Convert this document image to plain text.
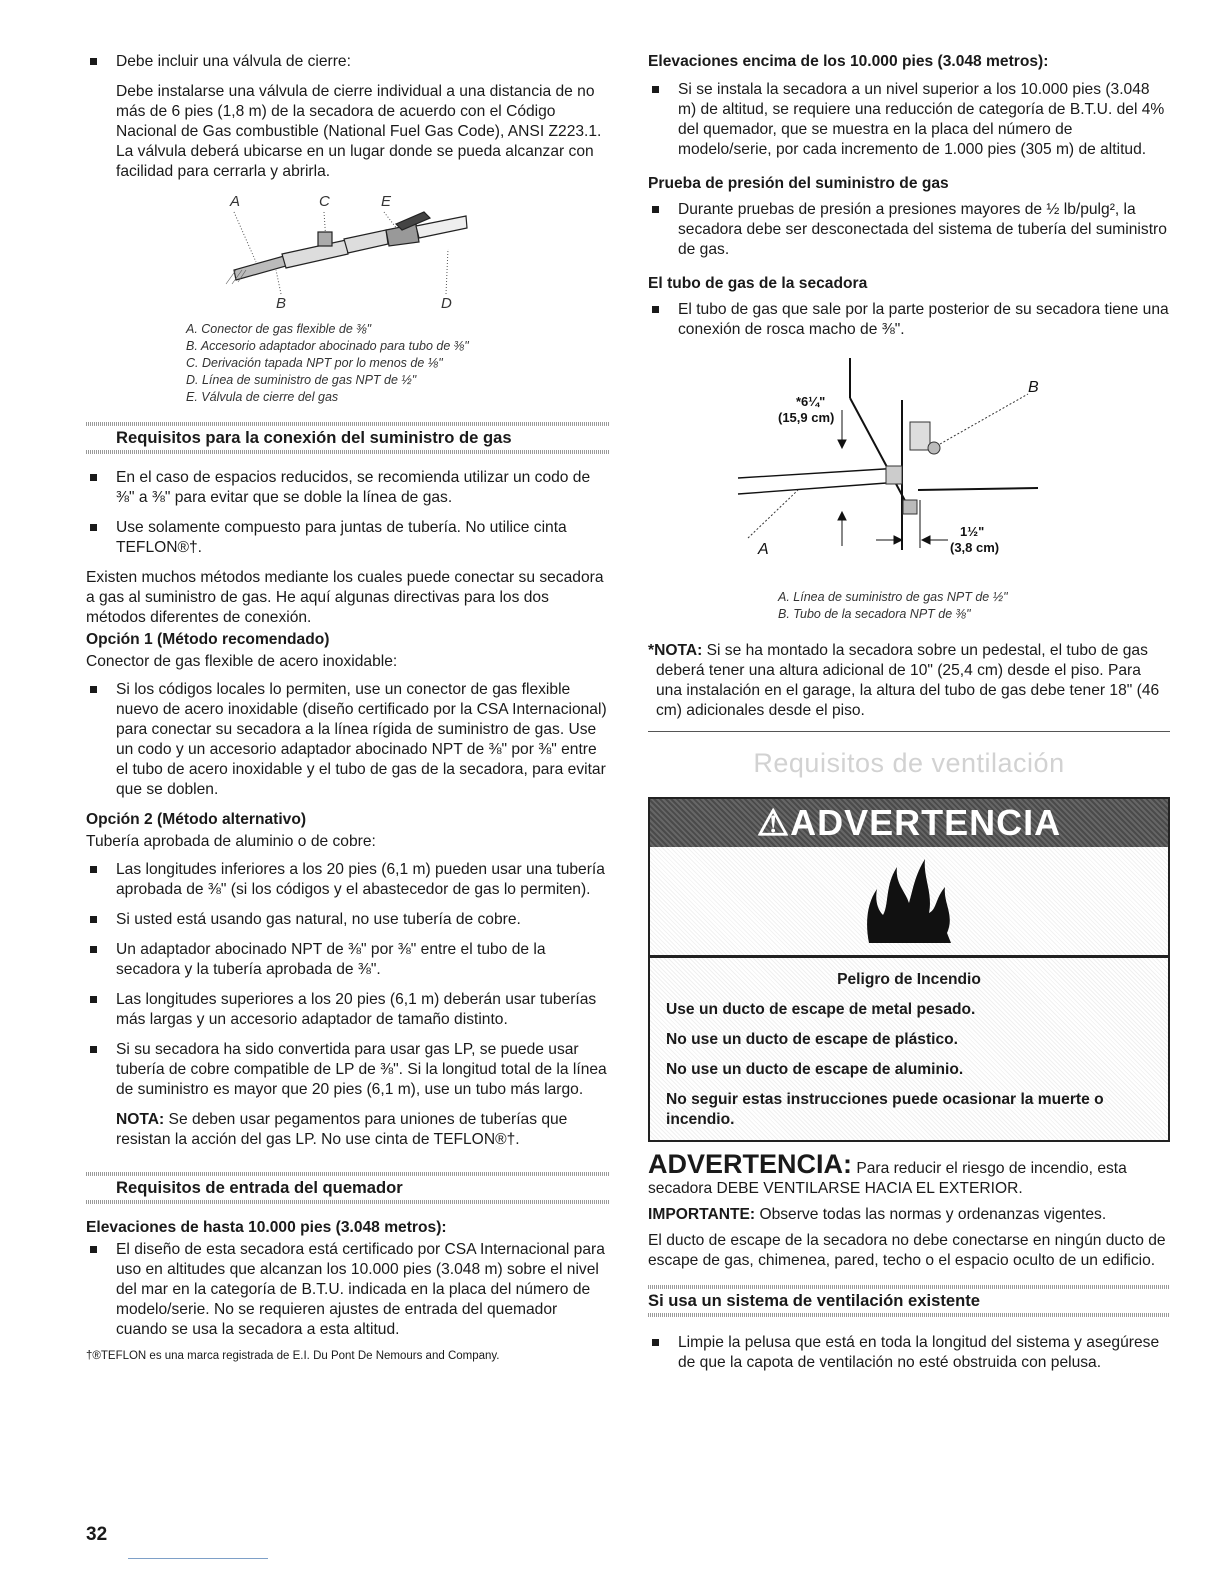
Debe incluir una válvula de cierre:

Debe instalarse una válvula de cierre individual a una distancia de no más de 6 pies (1,8 m) de la secadora de acuerdo con el Código Nacional de Gas combustible (National Fuel Gas Code), ANSI Z223.1. La válvula deberá ubicarse en un lugar donde se pueda alcanzar con facilidad para cerrarla y abrirla.

A	C	E
B	D
A. Conector de gas flexible de ⅜"
B. Accesorio adaptador abocinado para tubo de ⅜"
C. Derivación tapada NPT por lo menos de ⅛"
D. Línea de suministro de gas NPT de ½"
E. Válvula de cierre del gas
Requisitos para la conexión del suministro de gas
En el caso de espacios reducidos, se recomienda utilizar un codo de ⅜" a ⅜" para evitar que se doble la línea de gas.
Use solamente compuesto para juntas de tubería. No utilice cinta TEFLON®†.

Existen muchos métodos mediante los cuales puede conectar su secadora a gas al suministro de gas. He aquí algunas directivas para los dos métodos diferentes de conexión.

Opción 1 (Método recomendado)

Conector de gas flexible de acero inoxidable:

Si los códigos locales lo permiten, use un conector de gas flexible nuevo de acero inoxidable (diseño certificado por la CSA Internacional) para conectar su secadora a la línea rígida de suministro de gas. Use un codo y un accesorio adaptador abocinado NPT de ⅜" por ⅜" entre el tubo de acero inoxidable y el tubo de gas de la secadora, para evitar que se doblen.
Opción 2 (Método alternativo)

Tubería aprobada de aluminio o de cobre:

Las longitudes inferiores a los 20 pies (6,1 m) pueden usar una tubería aprobada de ⅜" (si los códigos y el abastecedor de gas lo permiten).
Si usted está usando gas natural, no use tubería de cobre.
Un adaptador abocinado NPT de ⅜" por ⅜" entre el tubo de la secadora y la tubería aprobada de ⅜".
Las longitudes superiores a los 20 pies (6,1 m) deberán usar tuberías más largas y un accesorio adaptador de tamaño distinto.
Si su secadora ha sido convertida para usar gas LP, se puede usar tubería de cobre compatible de LP de ⅜". Si la longitud total de la línea de suministro es mayor que 20 pies (6,1 m), use un tubo más largo.

NOTA: Se deben usar pegamentos para uniones de tuberías que resistan la acción del gas LP. No use cinta de TEFLON®†.

Requisitos de entrada del quemador
Elevaciones de hasta 10.000 pies (3.048 metros):
El diseño de esta secadora está certificado por CSA Internacional para uso en altitudes que alcanzan los 10.000 pies (3.048 m) sobre el nivel del mar en la categoría de B.T.U. indicada en la placa del número de modelo/serie. No se requieren ajustes de entrada del quemador cuando se usa la secadora a esta altitud.
†®TEFLON es una marca registrada de E.I. Du Pont De Nemours and Company.
Elevaciones encima de los 10.000 pies (3.048 metros):
Si se instala la secadora a un nivel superior a los 10.000 pies (3.048 m) de altitud, se requiere una reducción de categoría de B.T.U. del 4% del quemador, que se muestra en la placa del número de modelo/serie, por cada incremento de 1.000 pies (305 m) de altitud.
Prueba de presión del suministro de gas
Durante pruebas de presión a presiones mayores de ½ lb/pulg², la secadora debe ser desconectada del sistema de tubería del suministro de gas.
El tubo de gas de la secadora
El tubo de gas que sale por la parte posterior de su secadora tiene una conexión de rosca macho de ⅜".
*6¼"
(15,9 cm)
1½"
(3,8 cm)
A
B
A. Línea de suministro de gas NPT de ½"
B. Tubo de la secadora NPT de ⅜"

*NOTA: Si se ha montado la secadora sobre un pedestal, el tubo de gas deberá tener una altura adicional de 10" (25,4 cm) desde el piso. Para una instalación en el garage, la altura del tubo de gas debe tener 18" (46 cm) adicionales desde el piso.

Requisitos de ventilación
⚠ADVERTENCIA
Peligro de Incendio
Use un ducto de escape de metal pesado.
No use un ducto de escape de plástico.
No use un ducto de escape de aluminio.
No seguir estas instrucciones puede ocasionar la muerte o incendio.

ADVERTENCIA: Para reducir el riesgo de incendio, esta secadora DEBE VENTILARSE HACIA EL EXTERIOR.

IMPORTANTE: Observe todas las normas y ordenanzas vigentes.

El ducto de escape de la secadora no debe conectarse en ningún ducto de escape de gas, chimenea, pared, techo o el espacio oculto de un edificio.

Si usa un sistema de ventilación existente
Limpie la pelusa que está en toda la longitud del sistema y asegúrese de que la capota de ventilación no esté obstruida con pelusa.
32
